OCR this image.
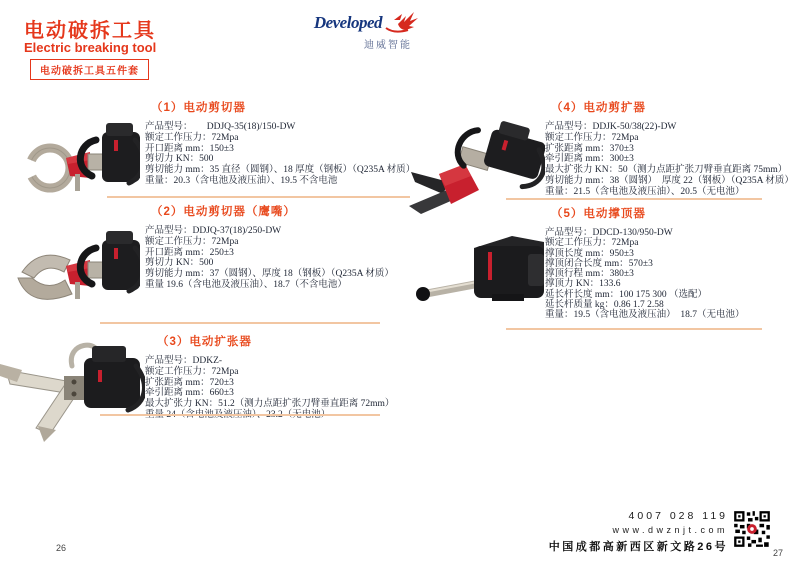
电动破拆工具
Electric breaking tool
电动破拆工具五件套
Developed
迪威智能
（1）电动剪切器
产品型号：　　DDJQ-35(18)/150-DW
额定工作压力：72Mpa
开口距离 mm：150±3
剪切力 KN：500
剪切能力 mm：35 直径（圆钢）、18 厚度（钢板）（Q235A 材质）
重量：20.3（含电池及液压油）、19.5 不含电池
（2）电动剪切器（鹰嘴）
产品型号：DDJQ-37(18)/250-DW
额定工作压力：72Mpa
开口距离 mm：250±3
剪切力 KN：500
剪切能力 mm：37（圆钢）、厚度 18（钢板）（Q235A 材质）
重量 19.6（含电池及液压油）、18.7（不含电池）
（3）电动扩张器
产品型号：DDKZ-
额定工作压力：72Mpa
扩张距离 mm：720±3
牵引距离 mm：660±3
最大扩张力 KN：51.2（测力点距扩张刀臂垂直距离 72mm）
（4）电动剪扩器
产品型号：DDJK-50/38(22)-DW
额定工作压力：72Mpa
扩张距离 mm：370±3
牵引距离 mm：300±3
最大扩张力 KN：50（测力点距扩张刀臂垂直距离 75mm）
剪切能力 mm：38（圆钢）　厚度 22（钢板）（Q235A 材质）
重量：21.5（含电池及液压油）、20.5（无电池）
（5）电动撑顶器
产品型号：DDCD-130/950-DW
额定工作压力：72Mpa
撑顶长度 mm：950±3
撑顶闭合长度 mm：570±3
撑顶行程 mm：380±3
撑顶力 KN：133.6
延长杆长度 mm：100 175 300 （选配）
延长杆质量 kg：0.86 1.7 2.58
重量：19.5（含电池及液压油）　18.7（无电池）
26
4007 028 119
www.dwznjt.com
中国成都高新西区新文路26号	27
